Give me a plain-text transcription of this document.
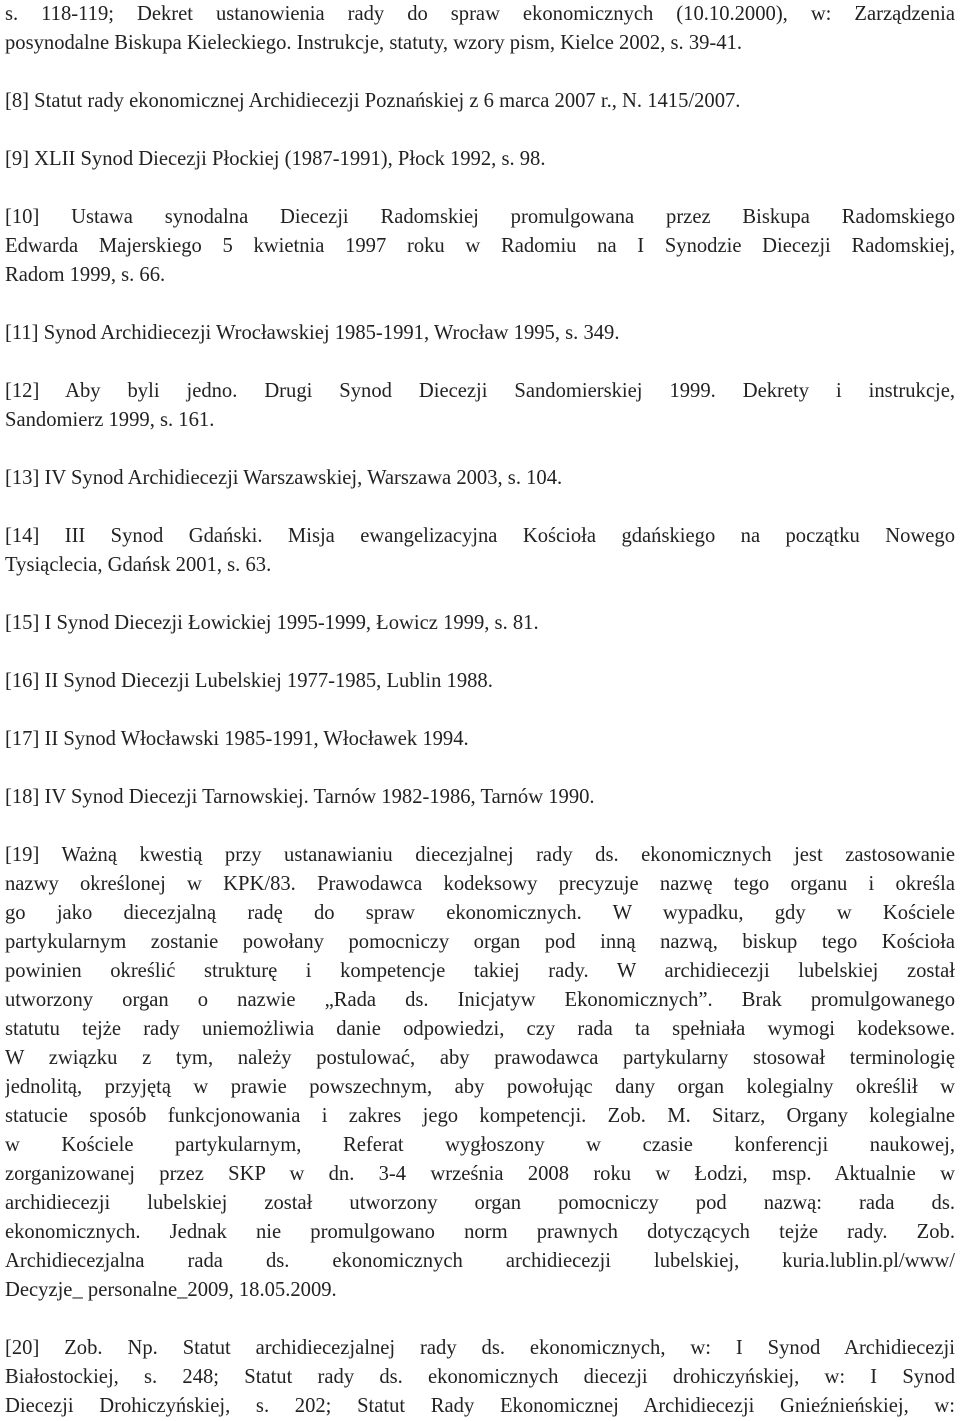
s. 118-119; Dekret ustanowienia rady do spraw ekonomicznych (10.10.2000), w: Zarządzenia
posynodalne Biskupa Kieleckiego. Instrukcje, statuty, wzory pism, Kielce 2002, s. 39-41.
[8] Statut rady ekonomicznej Archidiecezji Poznańskiej z 6 marca 2007 r., N. 1415/2007.
[9] XLII Synod Diecezji Płockiej (1987-1991), Płock 1992, s. 98.
[10] Ustawa synodalna Diecezji Radomskiej promulgowana przez Biskupa Radomskiego
Edwarda Majerskiego 5 kwietnia 1997 roku w Radomiu na I Synodzie Diecezji Radomskiej,
Radom 1999, s. 66.
[11] Synod Archidiecezji Wrocławskiej 1985-1991, Wrocław 1995, s. 349.
[12] Aby byli jedno. Drugi Synod Diecezji Sandomierskiej 1999. Dekrety i instrukcje,
Sandomierz 1999, s. 161.
[13] IV Synod Archidiecezji Warszawskiej, Warszawa 2003, s. 104.
[14] III Synod Gdański. Misja ewangelizacyjna Kościoła gdańskiego na początku Nowego
Tysiąclecia, Gdańsk 2001, s. 63.
[15] I Synod Diecezji Łowickiej 1995-1999, Łowicz 1999, s. 81.
[16] II Synod Diecezji Lubelskiej 1977-1985, Lublin 1988.
[17] II Synod Włocławski 1985-1991, Włocławek 1994.
[18] IV Synod Diecezji Tarnowskiej. Tarnów 1982-1986, Tarnów 1990.
[19] Ważną kwestią przy ustanawianiu diecezjalnej rady ds. ekonomicznych jest zastosowanie
nazwy określonej w KPK/83. Prawodawca kodeksowy precyzuje nazwę tego organu i określa
go jako diecezjalną radę do spraw ekonomicznych. W wypadku, gdy w Kościele
partykularnym zostanie powołany pomocniczy organ pod inną nazwą, biskup tego Kościoła
powinien określić strukturę i kompetencje takiej rady. W archidiecezji lubelskiej został
utworzony organ o nazwie „Rada ds. Inicjatyw Ekonomicznych”. Brak promulgowanego
statutu tejże rady uniemożliwia danie odpowiedzi, czy rada ta spełniała wymogi kodeksowe.
W związku z tym, należy postulować, aby prawodawca partykularny stosował terminologię
jednolitą, przyjętą w prawie powszechnym, aby powołując dany organ kolegialny określił w
statucie sposób funkcjonowania i zakres jego kompetencji. Zob. M. Sitarz, Organy kolegialne
w Kościele partykularnym, Referat wygłoszony w czasie konferencji naukowej,
zorganizowanej przez SKP w dn. 3-4 września 2008 roku w Łodzi, msp. Aktualnie w
archidiecezji lubelskiej został utworzony organ pomocniczy pod nazwą: rada ds.
ekonomicznych. Jednak nie promulgowano norm prawnych dotyczących tejże rady. Zob.
Archidiecezjalna rada ds. ekonomicznych archidiecezji lubelskiej, kuria.lublin.pl/www/
Decyzje_ personalne_2009, 18.05.2009.
[20] Zob. Np. Statut archidiecezjalnej rady ds. ekonomicznych, w: I Synod Archidiecezji
Białostockiej, s. 248; Statut rady ds. ekonomicznych diecezji drohiczyńskiej, w: I Synod
Diecezji Drohiczyńskiej, s. 202; Statut Rady Ekonomicznej Archidiecezji Gnieźnieńskiej, w:
